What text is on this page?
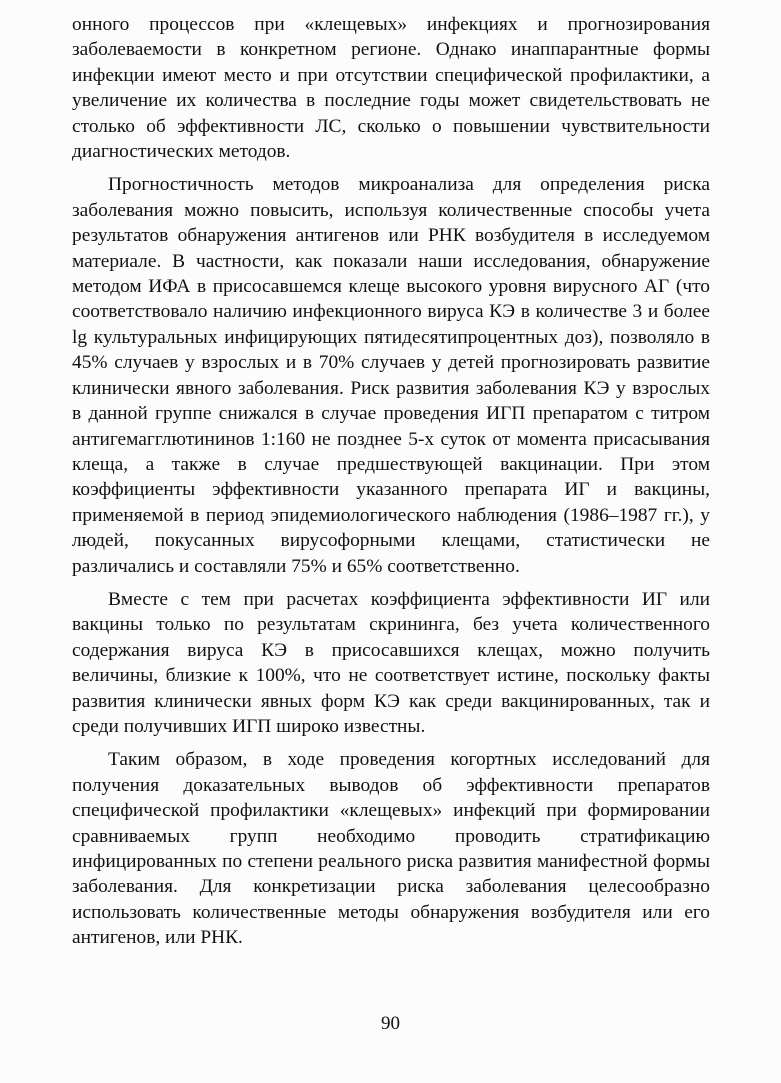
онного процессов при «клещевых» инфекциях и прогнозирования заболеваемости в конкретном регионе. Однако инаппарантные формы инфекции имеют место и при отсутствии специфической профилактики, а увеличение их количества в последние годы может свидетельствовать не столько об эффективности ЛС, сколько о повышении чувствительности диагностических методов.

Прогностичность методов микроанализа для определения риска заболевания можно повысить, используя количественные способы учета результатов обнаружения антигенов или РНК возбудителя в исследуемом материале. В частности, как показали наши исследования, обнаружение методом ИФА в присосавшемся клеще высокого уровня вирусного АГ (что соответствовало наличию инфекционного вируса КЭ в количестве 3 и более lg культуральных инфицирующих пятидесятипроцентных доз), позволяло в 45% случаев у взрослых и в 70% случаев у детей прогнозировать развитие клинически явного заболевания. Риск развития заболевания КЭ у взрослых в данной группе снижался в случае проведения ИГП препаратом с титром антигемагглютининов 1:160 не позднее 5-х суток от момента присасывания клеща, а также в случае предшествующей вакцинации. При этом коэффициенты эффективности указанного препарата ИГ и вакцины, применяемой в период эпидемиологического наблюдения (1986–1987 гг.), у людей, покусанных вирусофорными клещами, статистически не различались и составляли 75% и 65% соответственно.

Вместе с тем при расчетах коэффициента эффективности ИГ или вакцины только по результатам скрининга, без учета количественного содержания вируса КЭ в присосавшихся клещах, можно получить величины, близкие к 100%, что не соответствует истине, поскольку факты развития клинически явных форм КЭ как среди вакцинированных, так и среди получивших ИГП широко известны.

Таким образом, в ходе проведения когортных исследований для получения доказательных выводов об эффективности препаратов специфической профилактики «клещевых» инфекций при формировании сравниваемых групп необходимо проводить стратификацию инфицированных по степени реального риска развития манифестной формы заболевания. Для конкретизации риска заболевания целесообразно использовать количественные методы обнаружения возбудителя или его антигенов, или РНК.

90
